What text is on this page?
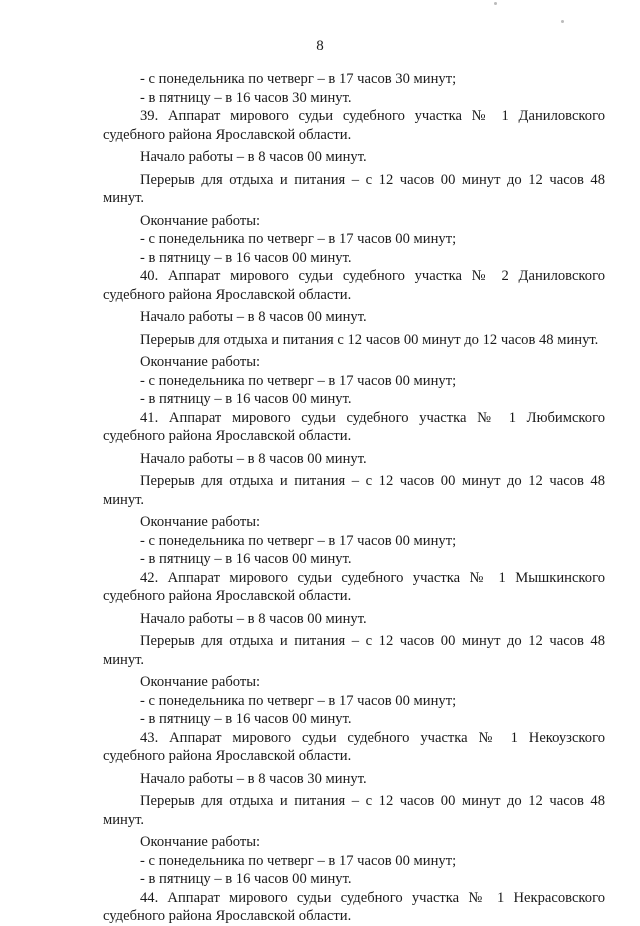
8

- с понедельника по четверг – в 17 часов 30 минут;

- в пятницу – в 16 часов 30 минут.

39. Аппарат мирового судьи судебного участка № 1 Даниловского судебного района Ярославской области.

Начало работы – в 8 часов 00 минут.

Перерыв для отдыха и питания – с 12 часов 00 минут до 12 часов 48 минут.

Окончание работы:

- с понедельника по четверг – в 17 часов 00 минут;

- в пятницу – в 16 часов 00 минут.

40. Аппарат мирового судьи судебного участка № 2 Даниловского судебного района Ярославской области.

Начало работы – в 8 часов 00 минут.

Перерыв для отдыха и питания с 12 часов 00 минут до 12 часов 48 минут.

Окончание работы:

- с понедельника по четверг – в 17 часов 00 минут;

- в пятницу – в 16 часов 00 минут.

41. Аппарат мирового судьи судебного участка № 1 Любимского судебного района Ярославской области.

Начало работы – в 8 часов 00 минут.

Перерыв для отдыха и питания – с 12 часов 00 минут до 12 часов 48 минут.

Окончание работы:

- с понедельника по четверг – в 17 часов 00 минут;

- в пятницу – в 16 часов 00 минут.

42. Аппарат мирового судьи судебного участка № 1 Мышкинского судебного района Ярославской области.

Начало работы – в 8 часов 00 минут.

Перерыв для отдыха и питания – с 12 часов 00 минут до 12 часов 48 минут.

Окончание работы:

- с понедельника по четверг – в 17 часов 00 минут;

- в пятницу – в 16 часов 00 минут.

43. Аппарат мирового судьи судебного участка № 1 Некоузского судебного района Ярославской области.

Начало работы – в 8 часов 30 минут.

Перерыв для отдыха и питания – с 12 часов 00 минут до 12 часов 48 минут.

Окончание работы:

- с понедельника по четверг – в 17 часов 00 минут;

- в пятницу – в 16 часов 00 минут.

44. Аппарат мирового судьи судебного участка № 1 Некрасовского судебного района Ярославской области.
